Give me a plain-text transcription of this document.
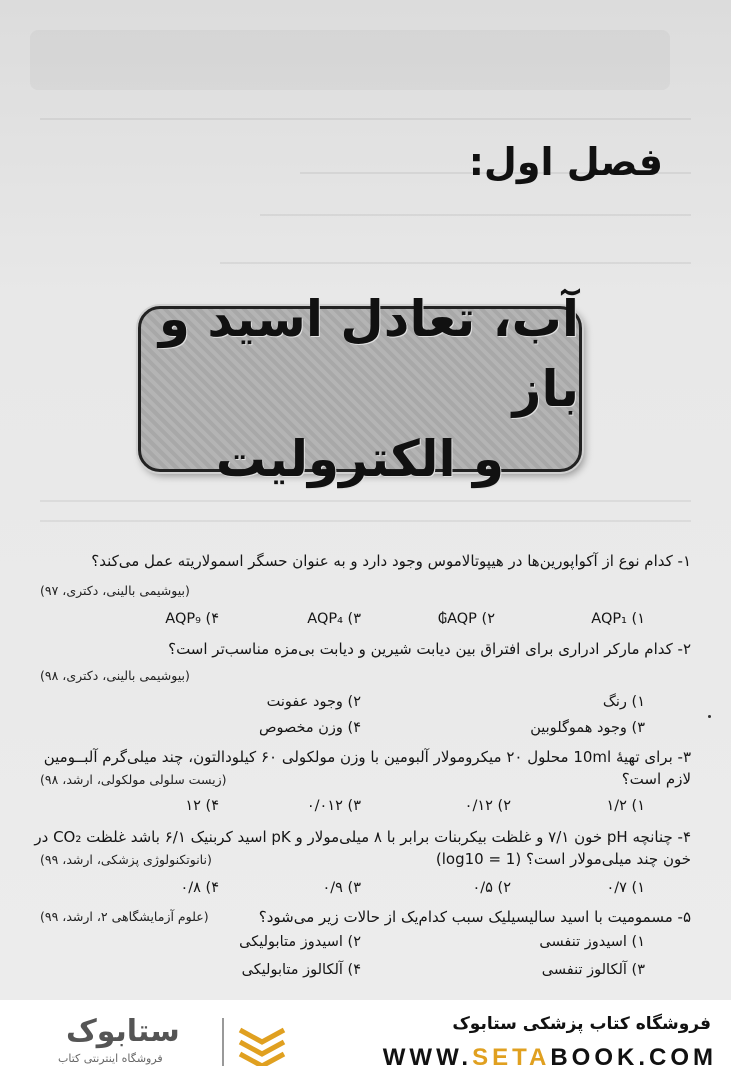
فصل اول:
آب، تعادل اسید و باز
و الکترولیت
۱- کدام نوع از آکواپورین‌ها در هیپوتالاموس وجود دارد و به عنوان حسگر اسمولاریته عمل می‌کند؟
(بیوشیمی بالینی، دکتری، ۹۷)
۱) AQP₁
۲) AQP₲
۳) AQP₄
۴) AQP₉
۲- کدام مارکر ادراری برای افتراق بین دیابت شیرین و دیابت بی‌مزه مناسب‌تر است؟
(بیوشیمی بالینی، دکتری، ۹۸)
۱) رنگ
۲) وجود عفونت
۳) وجود هموگلوبین
۴) وزن مخصوص
۳- برای تهیهٔ 10ml محلول ۲۰ میکرومولار آلبومین با وزن مولکولی ۶۰ کیلودالتون، چند میلی‌گرم آلبــومین لازم است؟
(زیست سلولی مولکولی، ارشد، ۹۸)
۱) ۱/۲
۲) ۰/۱۲
۳) ۰/۰۱۲
۴) ۱۲
۴- چنانچه pH خون ۷/۱ و غلظت بیکربنات برابر با ۸ میلی‌مولار و pK اسید کربنیک ۶/۱ باشد غلظت CO₂ در خون چند میلی‌مولار است؟ (log10 = 1)
(نانوتکنولوژی پزشکی، ارشد، ۹۹)
۱) ۰/۷
۲) ۰/۵
۳) ۰/۹
۴) ۰/۸
۵- مسمومیت با اسید سالیسیلیک سبب کدام‌یک از حالات زیر می‌شود؟
(علوم آزمایشگاهی ۲، ارشد، ۹۹)
۱) اسیدوز تنفسی
۲) اسیدوز متابولیکی
۳) آلکالوز تنفسی
۴) آلکالوز متابولیکی
ستابوک
فروشگاه اینترنتی کتاب
فروشگاه کتاب پزشکی ستابوک
WWW.SETABOOK.COM
